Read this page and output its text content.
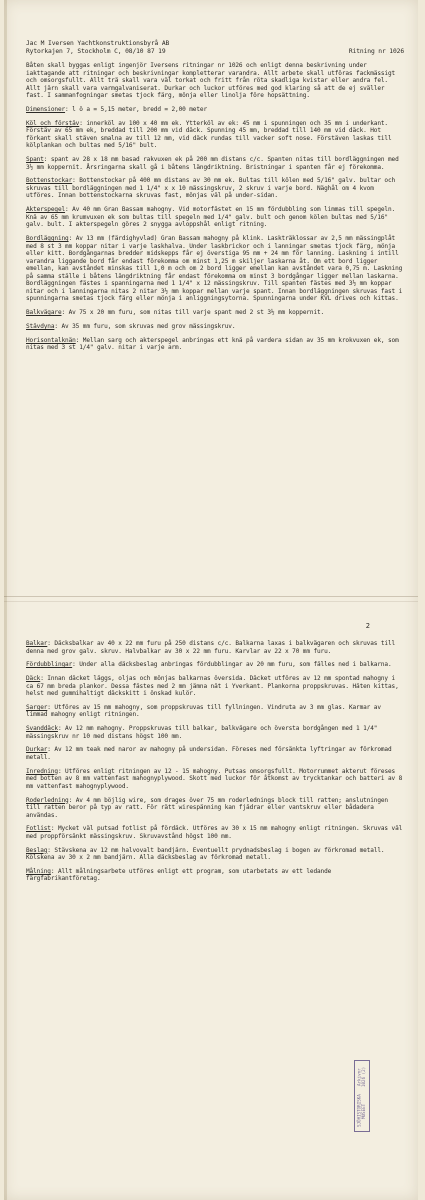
Jac M Iversen Yachtkonstruktionsbyrå AB
Rytorkajen 7, Stockholm C, 08/10 87 19	Ritning nr 1026

Båten skall byggas enligt ingenjör Iversens ritningar nr 1026 och enligt denna beskrivning under iakttagande att ritningar och beskrivningar kompletterar varandra. Allt arbete skall utföras fackmässigt och omsorgsfullt. Allt trä skall vara väl torkat och fritt från röta skadliga kvistar eller andra fel. Allt järn skall vara varmgalvaniserat. Durkar och luckor utföres med god klaring så att de ej sväller fast. I sammanfogningar smetas tjock färg, mönja eller linolja före hopsättning.

Dimensioner: l ö a = 5,15 meter, bredd = 2,00 meter

Köl och förstäv: innerköl av 100 x 40 mm ek. Ytterköl av ek: 45 mm i spunningen och 35 mm i underkant. Förstäv av 65 mm ek, breddad till 200 mm vid däck. Spunning 45 mm, breddad till 140 mm vid däck. Hot förkant skall stäven smalna av till 12 mm, vid däck rundas till vacker soft nose. Förstäven laskas till kölplankan och bultas med 5/16" bult.

Spant: spant av 28 x 18 mm basad rakvuxen ek på 200 mm distans c/c. Spanten nitas till bordläggningen med 3½ mm koppernit. Årsringarna skall gå i båtens längdriktning. Bristningar i spanten får ej förekomma.

Bottenstockar: Bottenstockar på 400 mm distans av 30 mm ek. Bultas till kölen med 5/16" galv. bultar och skruvas till bordläggningen med 1 1/4" x x 10 mässingskruv, 2 skruv i varje bord. Näghål om 4 kvom utföres. Innan bottenstockarna skruvas fast, mönjas väl på under-sidan.

Akterspegel: Av 40 mm Gran Bassam mahogny. Vid motorfästet en 15 mm fördubbling som limmas till spegeln. Knä av 65 mm krumvuxen ek som bultas till spegeln med 1/4" galv. bult och genom kölen bultas med 5/16" galv. bult. I akterspegeln göres 2 snygga avloppshål enligt ritning.

Bordläggning: Av 13 mm (färdighyvlad) Gran Bassam mahogny på klink. Laskträklossar av 2,5 mm mässingplåt med 8 st 3 mm koppar nitar i varje laskhalva. Under laskbrickor och i lanningar smetas tjock färg, mönja eller kitt. Bordgångarnas bredder midskepps får ej överstiga 95 mm + 24 mm för lanning. Laskning i intill varandra liggande bord får endast förekomma om minst 1,25 m skiljer laskarna åt. Om ett bord ligger emellan, kan avståndet minskas till 1,0 m och om 2 bord ligger emellan kan avståndet vara 0,75 m. Laskning på samma ställe i båtens längdriktning får endast förekomma om minst 3 bordgångar ligger mellan laskarna. Bordläggningen fästes i spanningarna med 1 1/4" x 12 mässingskruv. Till spanten fästes med 3½ mm koppar nitar och i lanningarna nitas 2 nitar 3½ mm koppar mellan varje spant. Innan bordläggningen skruvas fast i spunningarna smetas tjock färg eller mönja i anliggningsytorna. Spunningarna under KVL drives och kittas.

Balkvägare: Av 75 x 20 mm furu, som nitas till varje spant med 2 st 3½ mm koppernit.

Stävdyna: Av 35 mm furu, som skruvas med grov mässingskruv.

Horisontalknän: Mellan sarg och akterspegel anbringas ett knä på vardera sidan av 35 mm krokvuxen ek, som nitas med 3 st 1/4" galv. nitar i varje arm.

2

Balkar: Däcksbalkar av 40 x 22 mm furu på 250 distans c/c. Balkarna laxas i balkvägaren och skruvas till denna med grov galv. skruv. Halvbalkar av 30 x 22 mm furu. Karvlar av 22 x 70 mm furu.

Fördubblingar: Under alla däcksbeslag anbringas fördubblingar av 20 mm furu, som fälles ned i balkarna.

Däck: Innan däcket läggs, oljas och mönjas balkarnas översida. Däcket utföres av 12 mm spontad mahogny i ca 67 mm breda plankor. Dessa fästes med 2 mm jämna nät i Yverkant. Plankorna proppskruvas. Häten kittas, helst med gummihaltigt däckskitt i önskad kulör.

Sarger: Utföres av 15 mm mahogny, som proppskruvas till fyllningen. Vindruta av 3 mm glas. Karmar av limmad mahogny enligt ritningen.

Svanddäck: Av 12 mm mahogny. Proppskruvas till balkar, balkvägare och översta bordgången med 1 1/4" mässingskruv nr 10 med distans högst 100 mm.

Durkar: Av 12 mm teak med naror av mahogny på undersidan. Föreses med försänkta lyftringar av förkromad metall.

Inredning: Utföres enligt ritningen av 12 - 15 mahogny. Putsas omsorgsfullt. Motorrummet akterut föreses med botten av 8 mm vattenfast mahognyplywood. Skott med luckor för åtkomst av trycktankar och batteri av 8 mm vattenfast mahognyplywood.

Roderledning: Av 4 mm böjlig wire, som drages över 75 mm roderlednings block till ratten; anslutningen till ratten beror på typ av ratt. För rätt wirespänning kan fjädrar eller vantskruv eller bådadera användas.

Fotlist: Mycket väl putsad fotlist på fördäck. Utföres av 30 x 15 mm mahogny enligt ritningen. Skruvas väl med proppförsänkt mässingskruv. Skruvavstånd högst 100 mm.

Beslag: Stävskena av 12 mm halvovalt bandjärn. Eventuellt prydnadsbeslag i bogen av förkromad metall. Kölskena av 30 x 2 mm bandjärn. Alla däcksbeslag av förkromad metall.

Målning: Allt målningsarbete utföres enligt ett program, som utarbetats av ett ledande färgfabrikantföretag.

SJÖHISTORISKA MUSEET
Arkivnr 1026 (2)
